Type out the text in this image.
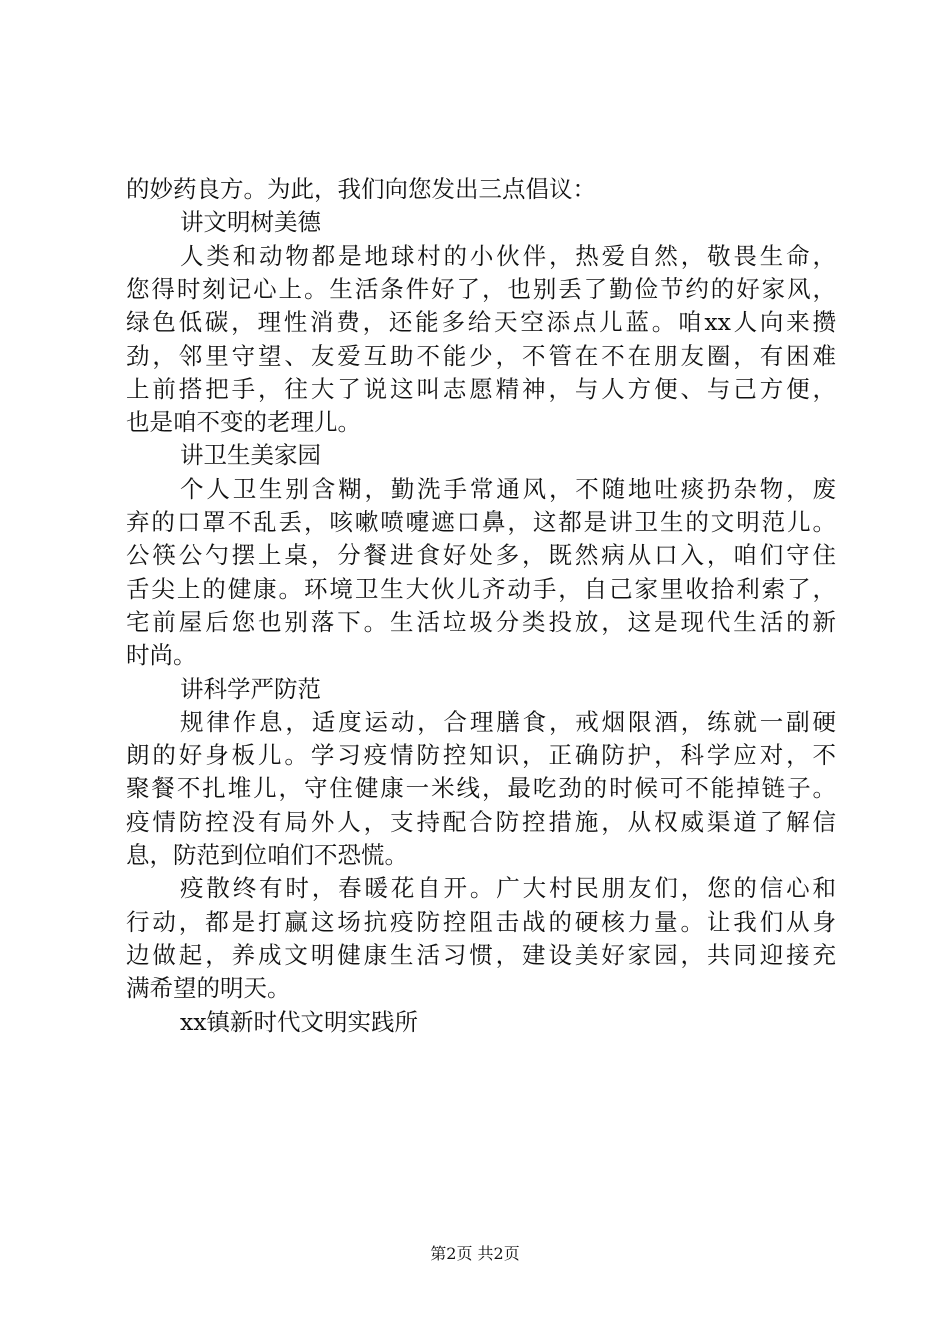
的妙药良方。为此，我们向您发出三点倡议：
讲文明树美德
人类和动物都是地球村的小伙伴，热爱自然，敬畏生命，
您得时刻记心上。生活条件好了，也别丢了勤俭节约的好家风，
绿色低碳，理性消费，还能多给天空添点儿蓝。咱xx人向来攒
劲，邻里守望、友爱互助不能少，不管在不在朋友圈，有困难
上前搭把手，往大了说这叫志愿精神，与人方便、与己方便，
也是咱不变的老理儿。
讲卫生美家园
个人卫生别含糊，勤洗手常通风，不随地吐痰扔杂物，废
弃的口罩不乱丢，咳嗽喷嚏遮口鼻，这都是讲卫生的文明范儿。
公筷公勺摆上桌，分餐进食好处多，既然病从口入，咱们守住
舌尖上的健康。环境卫生大伙儿齐动手，自己家里收拾利索了，
宅前屋后您也别落下。生活垃圾分类投放，这是现代生活的新
时尚。
讲科学严防范
规律作息，适度运动，合理膳食，戒烟限酒，练就一副硬
朗的好身板儿。学习疫情防控知识，正确防护，科学应对，不
聚餐不扎堆儿，守住健康一米线，最吃劲的时候可不能掉链子。
疫情防控没有局外人，支持配合防控措施，从权威渠道了解信
息，防范到位咱们不恐慌。
疫散终有时，春暖花自开。广大村民朋友们，您的信心和
行动，都是打赢这场抗疫防控阻击战的硬核力量。让我们从身
边做起，养成文明健康生活习惯，建设美好家园，共同迎接充
满希望的明天。
xx镇新时代文明实践所
第2页 共2页
